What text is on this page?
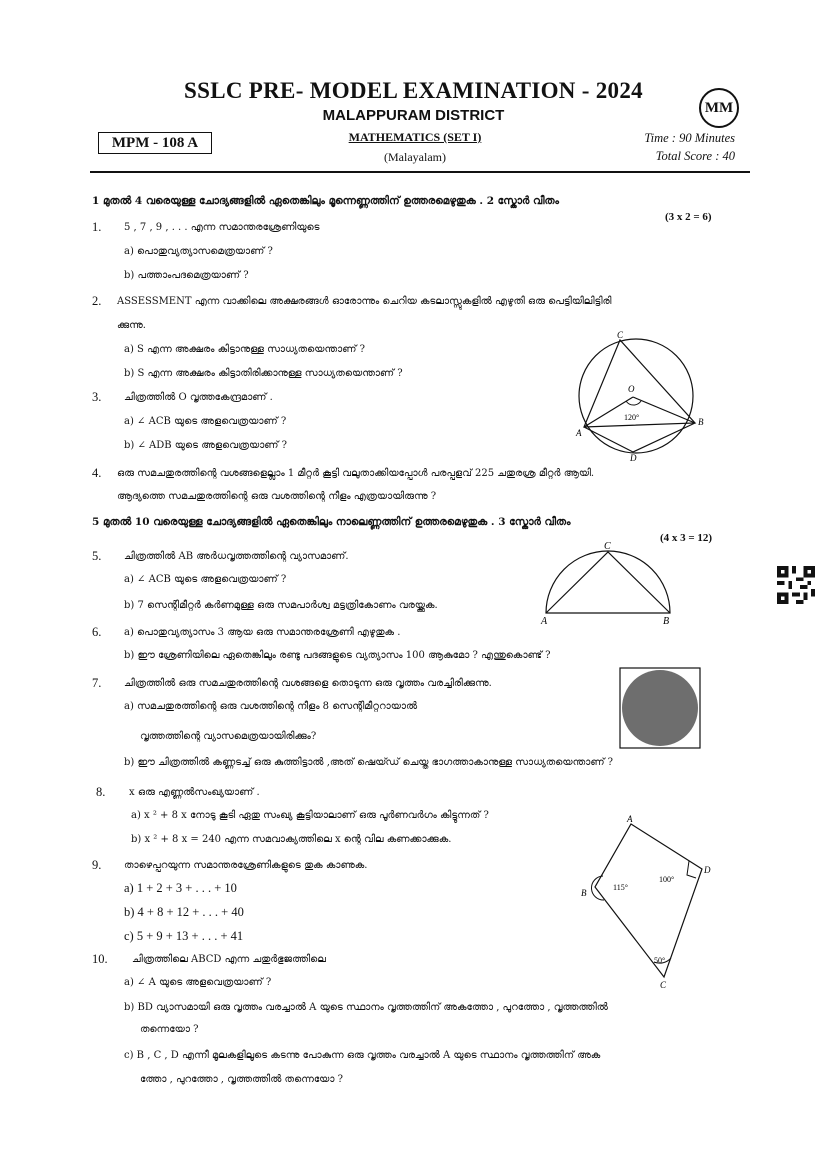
SSLC PRE- MODEL EXAMINATION - 2024
MM
MALAPPURAM DISTRICT
MPM - 108 A	MATHEMATICS (SET I)
(Malayalam)
Time : 90 Minutes
Total Score : 40
1 മുതൽ 4 വരെയുള്ള ചോദ്യങ്ങളിൽ ഏതെങ്കിലും മൂന്നെണ്ണത്തിന് ഉത്തരമെഴുതുക . 2 സ്കോർ വീതം
(3 x 2 = 6)
1. 5 , 7 , 9 , . . . എന്ന സമാന്തരശ്രേണിയുടെ
a) പൊതുവ്യത്യാസമെത്രയാണ് ?
b) പത്താംപദമെത്രയാണ് ?
2. ASSESSMENT എന്ന വാക്കിലെ അക്ഷരങ്ങൾ ഓരോന്നും ചെറിയ കടലാസ്സുകളിൽ എഴുതി ഒരു പെട്ടിയിലിട്ടിരി
ക്കുന്നു.
a) S എന്ന അക്ഷരം കിട്ടാനുള്ള സാധ്യതയെന്താണ് ?
b) S എന്ന അക്ഷരം കിട്ടാതിരിക്കാനുള്ള സാധ്യതയെന്താണ് ?
3. ചിത്രത്തിൽ O വൃത്തകേന്ദ്രമാണ് .
a) ∠ ACB യുടെ അളവെത്രയാണ് ?
b) ∠ ADB യുടെ അളവെത്രയാണ് ?
C
O
120°
A
B
D
4. ഒരു സമചതുരത്തിന്റെ വശങ്ങളെല്ലാം 1 മീറ്റർ കൂട്ടി വലുതാക്കിയപ്പോൾ പരപ്പളവ് 225 ചതുരശ്ര മീറ്റർ ആയി.
ആദ്യത്തെ സമചതുരത്തിന്റെ ഒരു വശത്തിന്റെ നീളം എത്രയായിരുന്നു ?
5 മുതൽ 10 വരെയുള്ള ചോദ്യങ്ങളിൽ ഏതെങ്കിലും നാലെണ്ണത്തിന് ഉത്തരമെഴുതുക . 3 സ്കോർ വീതം
(4 x 3 = 12)
5. ചിത്രത്തിൽ AB അർധവൃത്തത്തിന്റെ വ്യാസമാണ്.
a) ∠ ACB യുടെ അളവെത്രയാണ് ?
b) 7 സെന്റിമീറ്റർ കർണമുള്ള ഒരു സമപാർശ്വ മട്ടത്രികോണം വരയ്ക്കുക.
C
A	B
6. a) പൊതുവ്യത്യാസം 3 ആയ ഒരു സമാന്തരശ്രേണി എഴുതുക .
b) ഈ ശ്രേണിയിലെ ഏതെങ്കിലും രണ്ടു പദങ്ങളുടെ വ്യത്യാസം 100 ആകുമോ ? എന്തുകൊണ്ട് ?
7. ചിത്രത്തിൽ ഒരു സമചതുരത്തിന്റെ വശങ്ങളെ തൊടുന്ന ഒരു വൃത്തം വരച്ചിരിക്കുന്നു.
a) സമചതുരത്തിന്റെ ഒരു വശത്തിന്റെ നീളം 8 സെന്റിമീറ്ററായാൽ
വൃത്തത്തിന്റെ വ്യാസമെത്രയായിരിക്കും?
b) ഈ ചിത്രത്തിൽ കണ്ണടച്ച് ഒരു കുത്തിട്ടാൽ ,അത് ഷെയ്ഡ് ചെയ്ത ഭാഗത്താകാനുള്ള സാധ്യതയെന്താണ് ?
8. x ഒരു എണ്ണൽസംഖ്യയാണ് .
a) x ² + 8 x നോടു കൂടി ഏതു സംഖ്യ കൂട്ടിയാലാണ് ഒരു പൂർണവർഗം കിട്ടുന്നത് ?
b) x ² + 8 x = 240 എന്ന സമവാക്യത്തിലെ x ന്റെ വില കണക്കാക്കുക.
9. താഴെപ്പറയുന്ന സമാന്തരശ്രേണികളുടെ തുക കാണുക.
a) 1 + 2 + 3 + . . . + 10
b) 4 + 8 + 12 + . . . + 40
c) 5 + 9 + 13 + . . . + 41
10. ചിത്രത്തിലെ ABCD എന്ന ചതുർഭുജത്തിലെ
a) ∠ A യുടെ അളവെത്രയാണ് ?
b) BD വ്യാസമായി ഒരു വൃത്തം വരച്ചാൽ A യുടെ സ്ഥാനം വൃത്തത്തിന് അകത്തോ , പുറത്തോ , വൃത്തത്തിൽ
തന്നെയോ ?
c) B , C , D എന്നീ മൂലകളിലൂടെ കടന്നു പോകുന്ന ഒരു വൃത്തം വരച്ചാൽ A യുടെ സ്ഥാനം വൃത്തത്തിന് അക
ത്തോ , പുറത്തോ , വൃത്തത്തിൽ തന്നെയോ ?
A
D
100°
B
115°
50°
C
